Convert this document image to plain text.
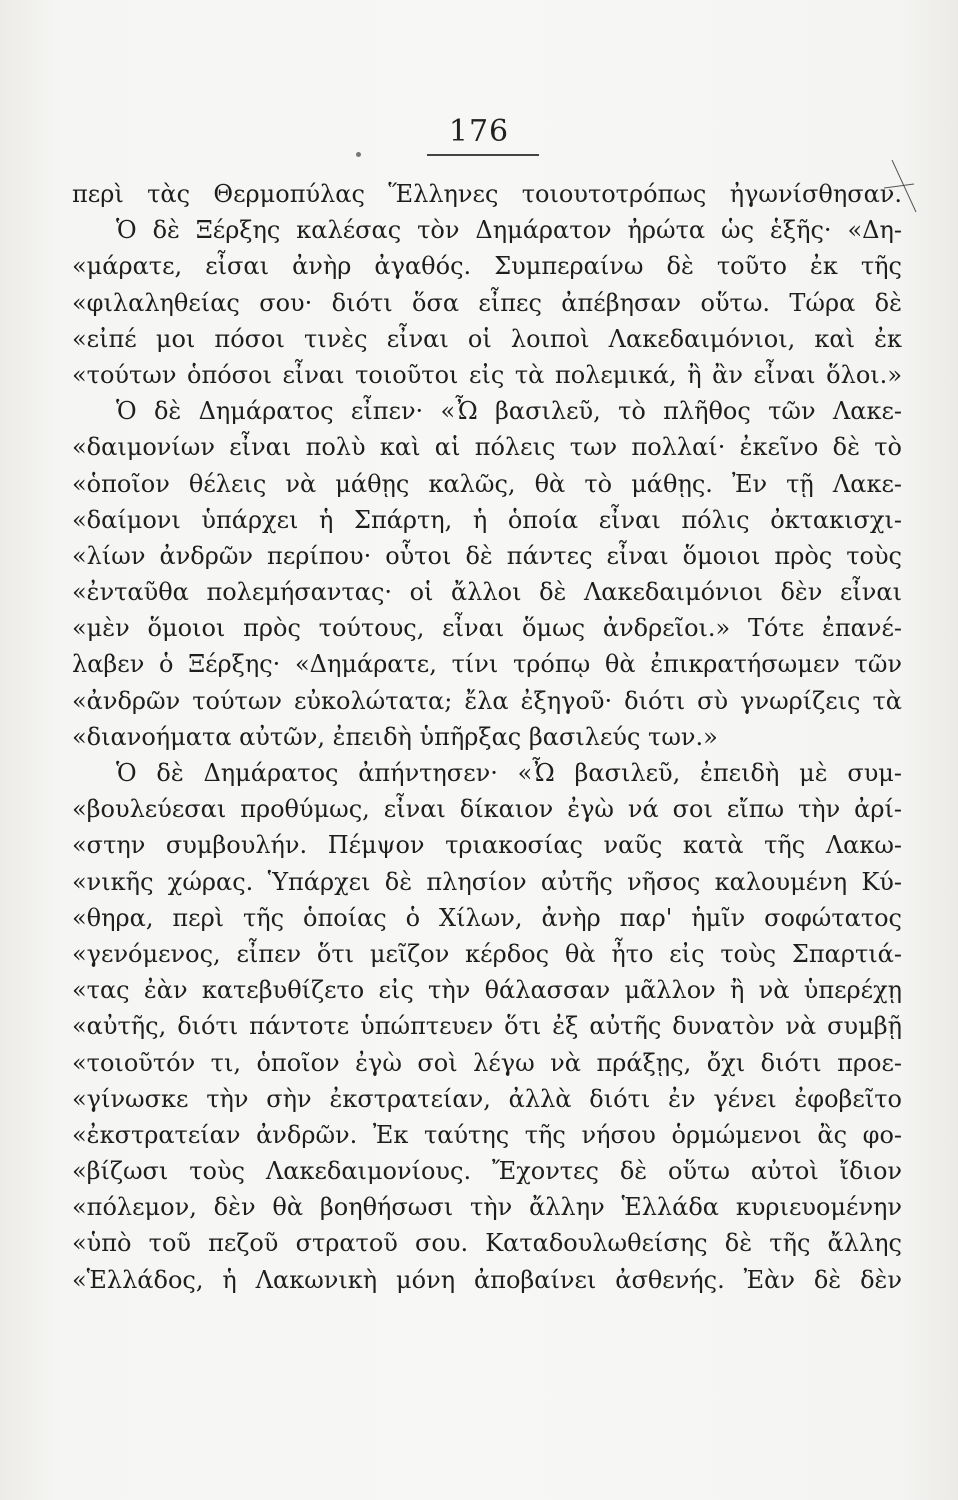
176
περὶ τὰς Θερμοπύλας Ἕλληνες τοιουτοτρόπως ἠγωνίσθησαν.
Ὁ δὲ Ξέρξης καλέσας τὸν Δημάρατον ἠρώτα ὡς ἑξῆς· «Δη-
«μάρατε, εἶσαι ἀνὴρ ἀγαθός. Συμπεραίνω δὲ τοῦτο ἐκ τῆς
«φιλαληθείας σου· διότι ὅσα εἶπες ἀπέβησαν οὕτω. Τώρα δὲ
«εἰπέ μοι πόσοι τινὲς εἶναι οἱ λοιποὶ Λακεδαιμόνιοι, καὶ ἐκ
«τούτων ὁπόσοι εἶναι τοιοῦτοι εἰς τὰ πολεμικά, ἢ ἂν εἶναι ὅλοι.»
Ὁ δὲ Δημάρατος εἶπεν· «Ὦ βασιλεῦ, τὸ πλῆθος τῶν Λακε-
«δαιμονίων εἶναι πολὺ καὶ αἱ πόλεις των πολλαί· ἐκεῖνο δὲ τὸ
«ὁποῖον θέλεις νὰ μάθῃς καλῶς, θὰ τὸ μάθῃς. Ἐν τῇ Λακε-
«δαίμονι ὑπάρχει ἡ Σπάρτη, ἡ ὁποία εἶναι πόλις ὀκτακισχι-
«λίων ἀνδρῶν περίπου· οὗτοι δὲ πάντες εἶναι ὅμοιοι πρὸς τοὺς
«ἐνταῦθα πολεμήσαντας· οἱ ἄλλοι δὲ Λακεδαιμόνιοι δὲν εἶναι
«μὲν ὅμοιοι πρὸς τούτους, εἶναι ὅμως ἀνδρεῖοι.» Τότε ἐπανέ-
λαβεν ὁ Ξέρξης· «Δημάρατε, τίνι τρόπῳ θὰ ἐπικρατήσωμεν τῶν
«ἀνδρῶν τούτων εὐκολώτατα; ἔλα ἐξηγοῦ· διότι σὺ γνωρίζεις τὰ
«διανοήματα αὐτῶν, ἐπειδὴ ὑπῆρξας βασιλεύς των.»
Ὁ δὲ Δημάρατος ἀπήντησεν· «Ὦ βασιλεῦ, ἐπειδὴ μὲ συμ-
«βουλεύεσαι προθύμως, εἶναι δίκαιον ἐγὼ νά σοι εἴπω τὴν ἀρί-
«στην συμβουλήν. Πέμψον τριακοσίας ναῦς κατὰ τῆς Λακω-
«νικῆς χώρας. Ὑπάρχει δὲ πλησίον αὐτῆς νῆσος καλουμένη Κύ-
«θηρα, περὶ τῆς ὁποίας ὁ Χίλων, ἀνὴρ παρ' ἡμῖν σοφώτατος
«γενόμενος, εἶπεν ὅτι μεῖζον κέρδος θὰ ἦτο εἰς τοὺς Σπαρτιά-
«τας ἐὰν κατεβυθίζετο εἰς τὴν θάλασσαν μᾶλλον ἢ νὰ ὑπερέχῃ
«αὐτῆς, διότι πάντοτε ὑπώπτευεν ὅτι ἐξ αὐτῆς δυνατὸν νὰ συμβῇ
«τοιοῦτόν τι, ὁποῖον ἐγὼ σοὶ λέγω νὰ πράξῃς, ὄχι διότι προε-
«γίνωσκε τὴν σὴν ἐκστρατείαν, ἀλλὰ διότι ἐν γένει ἐφοβεῖτο
«ἐκστρατείαν ἀνδρῶν. Ἐκ ταύτης τῆς νήσου ὁρμώμενοι ἂς φο-
«βίζωσι τοὺς Λακεδαιμονίους. Ἔχοντες δὲ οὕτω αὐτοὶ ἴδιον
«πόλεμον, δὲν θὰ βοηθήσωσι τὴν ἄλλην Ἑλλάδα κυριευομένην
«ὑπὸ τοῦ πεζοῦ στρατοῦ σου. Καταδουλωθείσης δὲ τῆς ἄλλης
«Ἑλλάδος, ἡ Λακωνικὴ μόνη ἀποβαίνει ἀσθενής. Ἐὰν δὲ δὲν
